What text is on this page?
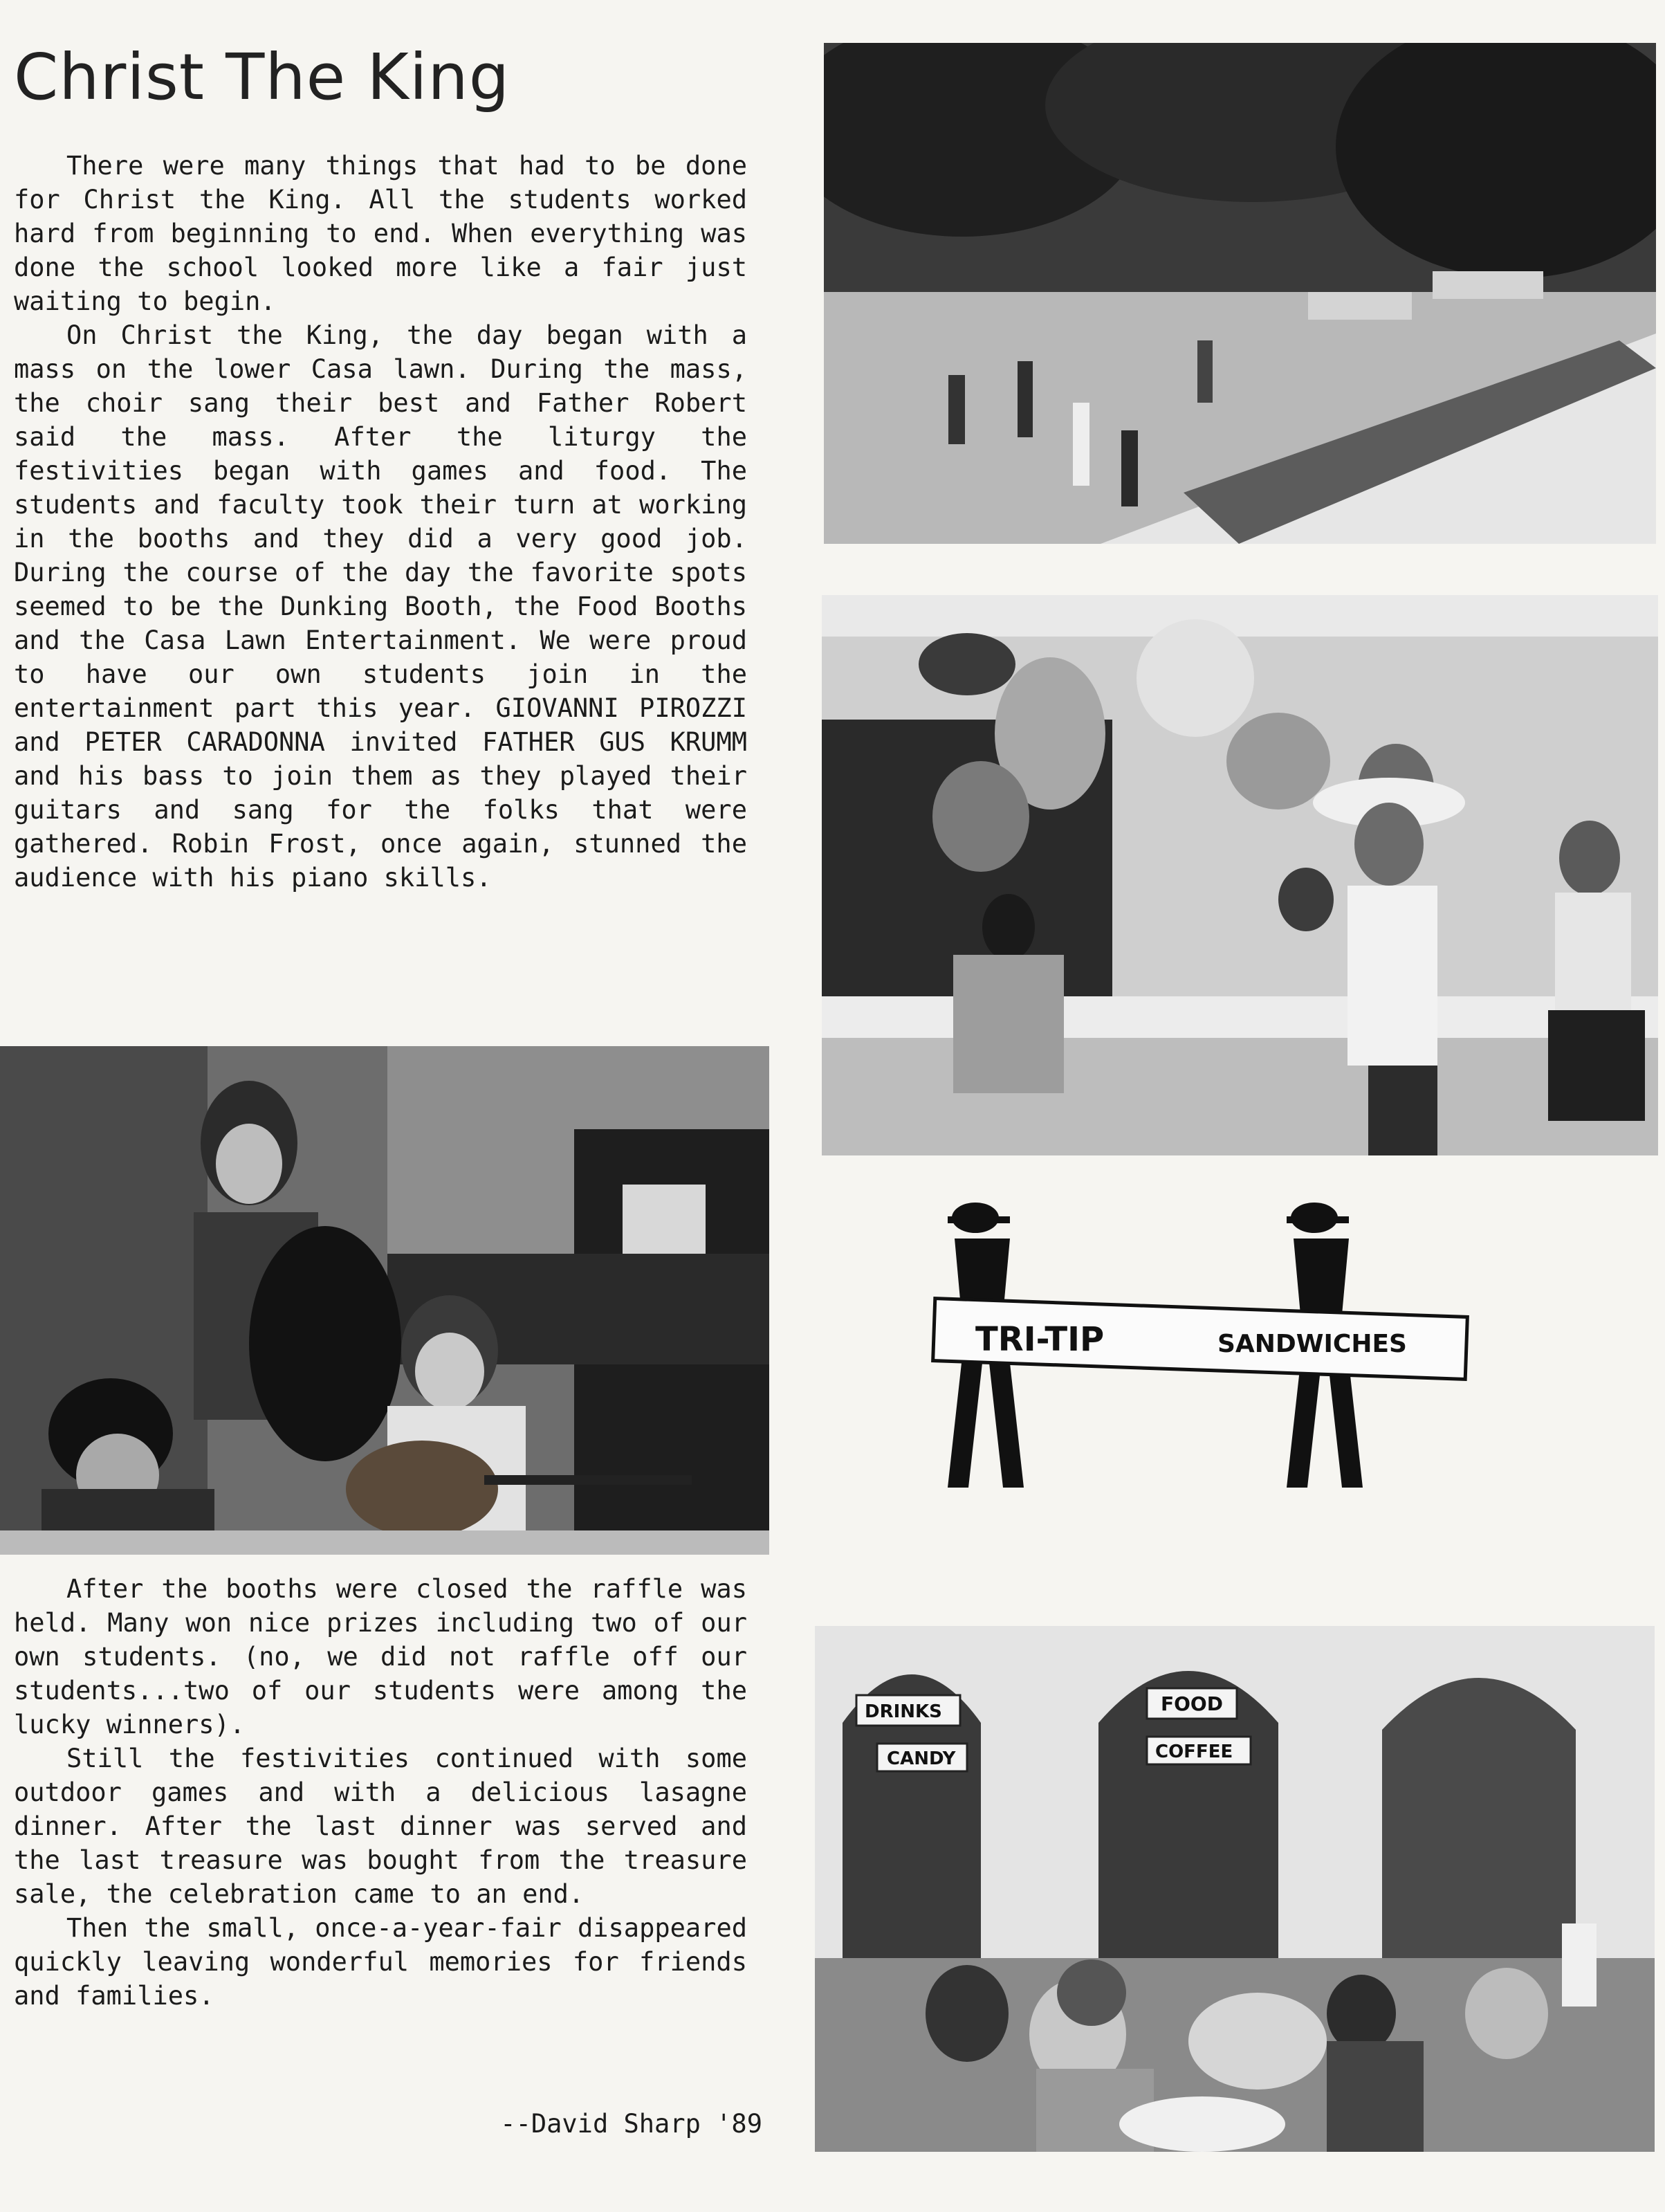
Christ The King

There were many things that had to be done for Christ the King. All the students worked hard from beginning to end. When everything was done the school looked more like a fair just waiting to begin.

On Christ the King, the day began with a mass on the lower Casa lawn. During the mass, the choir sang their best and Father Robert said the mass. After the liturgy the festivities began with games and food. The students and faculty took their turn at working in the booths and they did a very good job. During the course of the day the favorite spots seemed to be the Dunking Booth, the Food Booths and the Casa Lawn Entertainment. We were proud to have our own students join in the entertainment part this year. GIOVANNI PIROZZI and PETER CARADONNA invited FATHER GUS KRUMM and his bass to join them as they played their guitars and sang for the folks that were gathered. Robin Frost, once again, stunned the audience with his piano skills.

After the booths were closed the raffle was held. Many won nice prizes including two of our own students. (no, we did not raffle off our students...two of our students were among the lucky winners).

Still the festivities continued with some outdoor games and with a delicious lasagne dinner. After the last dinner was served and the last treasure was bought from the treasure sale, the celebration came to an end.

Then the small, once-a-year-fair disappeared quickly leaving wonderful memories for friends and families.

--David Sharp '89
TRI-TIP	SANDWICHES
DRINKS
CANDY
FOOD
COFFEE
